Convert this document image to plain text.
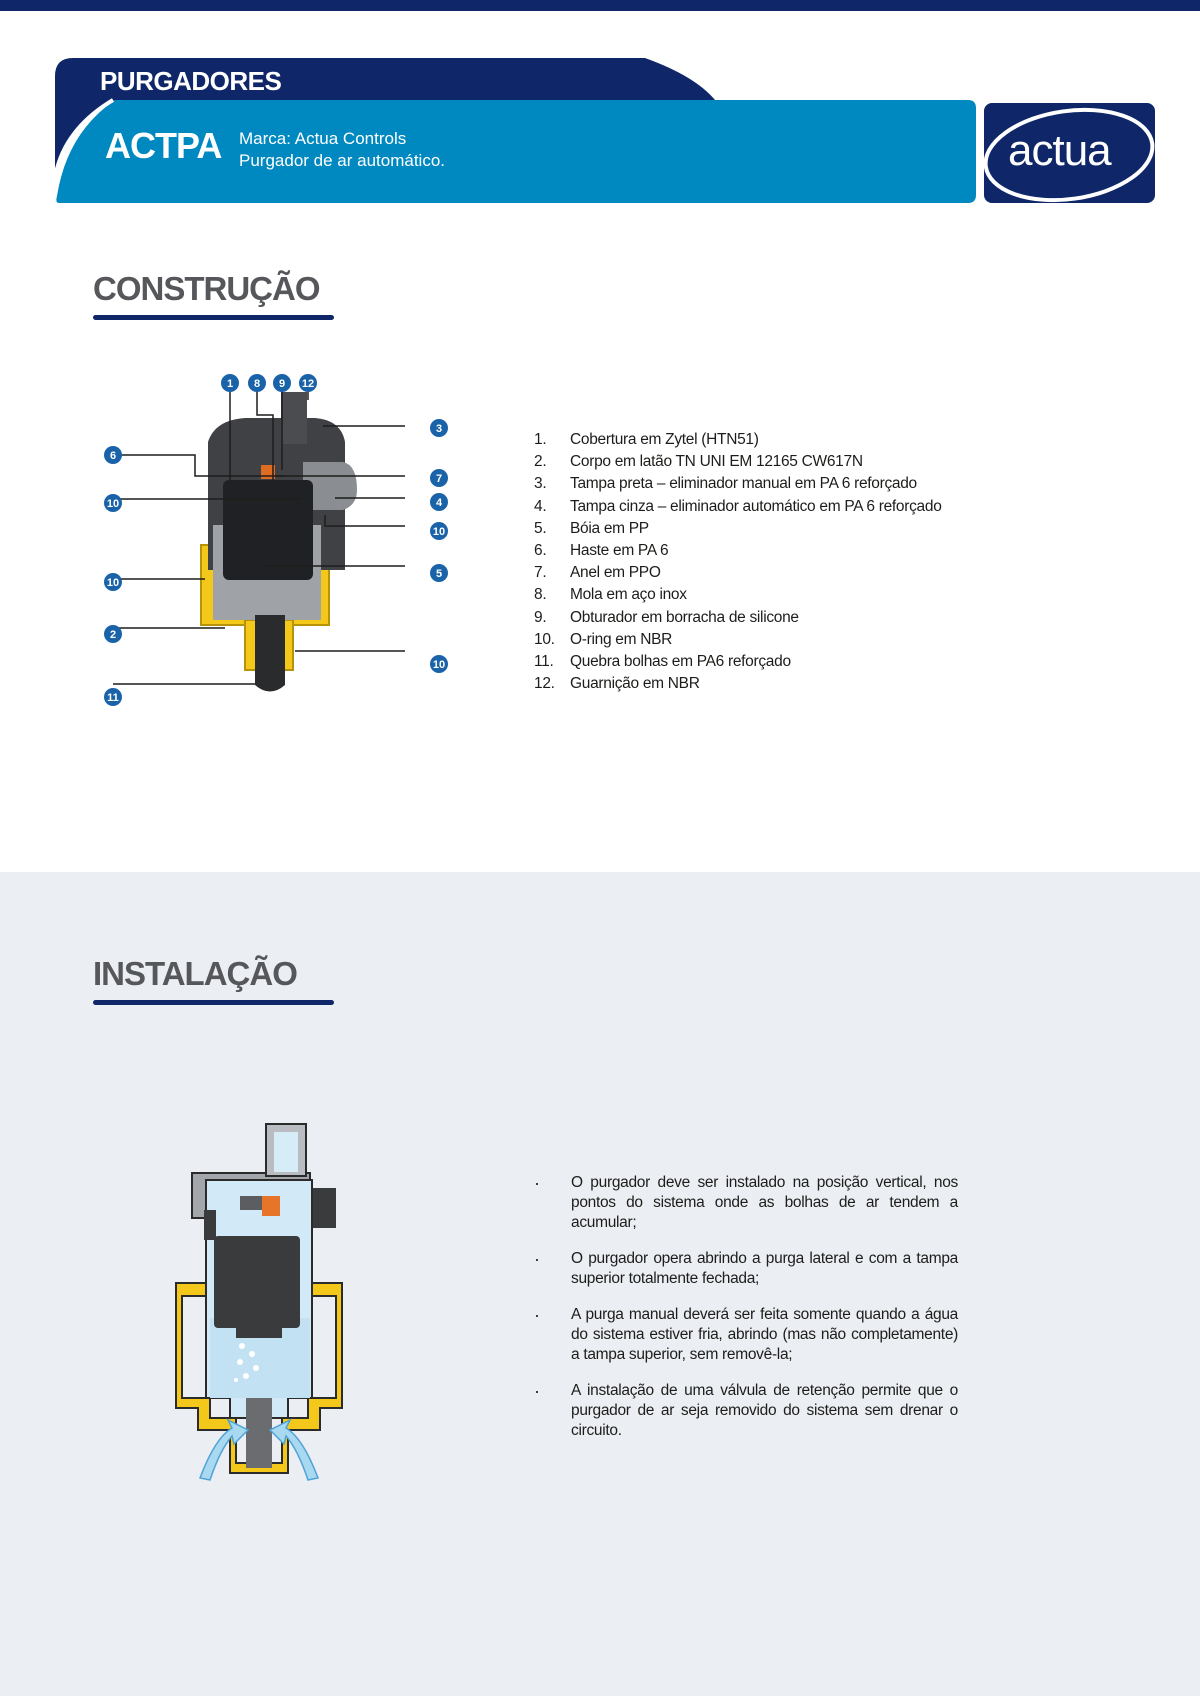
PURGADORES
ACTPA Marca: Actua Controls
Purgador de ar automático.	actua
CONSTRUÇÃO
1 8 9 12
3
6
7
10	4
10
10
5
2
10
11
1. Cobertura em Zytel (HTN51)
2. Corpo em latão TN UNI EM 12165 CW617N
3. Tampa preta – eliminador manual em PA 6 reforçado
4. Tampa cinza – eliminador automático em PA 6 reforçado
5. Bóia em PP
6. Haste em PA 6
7. Anel em PPO
8. Mola em aço inox
9. Obturador em borracha de silicone
10. O-ring em NBR
11. Quebra bolhas em PA6 reforçado
12. Guarnição em NBR
INSTALAÇÃO
· O purgador deve ser instalado na posição vertical, nos pontos do sistema onde as bolhas de ar tendem a acumular;
· O purgador opera abrindo a purga lateral e com a tampa superior totalmente fechada;
· A purga manual deverá ser feita somente quando a água do sistema estiver fria, abrindo (mas não completamente) a tampa superior, sem removê-la;
· A instalação de uma válvula de retenção permite que o purgador de ar seja removido do sistema sem drenar o circuito.
